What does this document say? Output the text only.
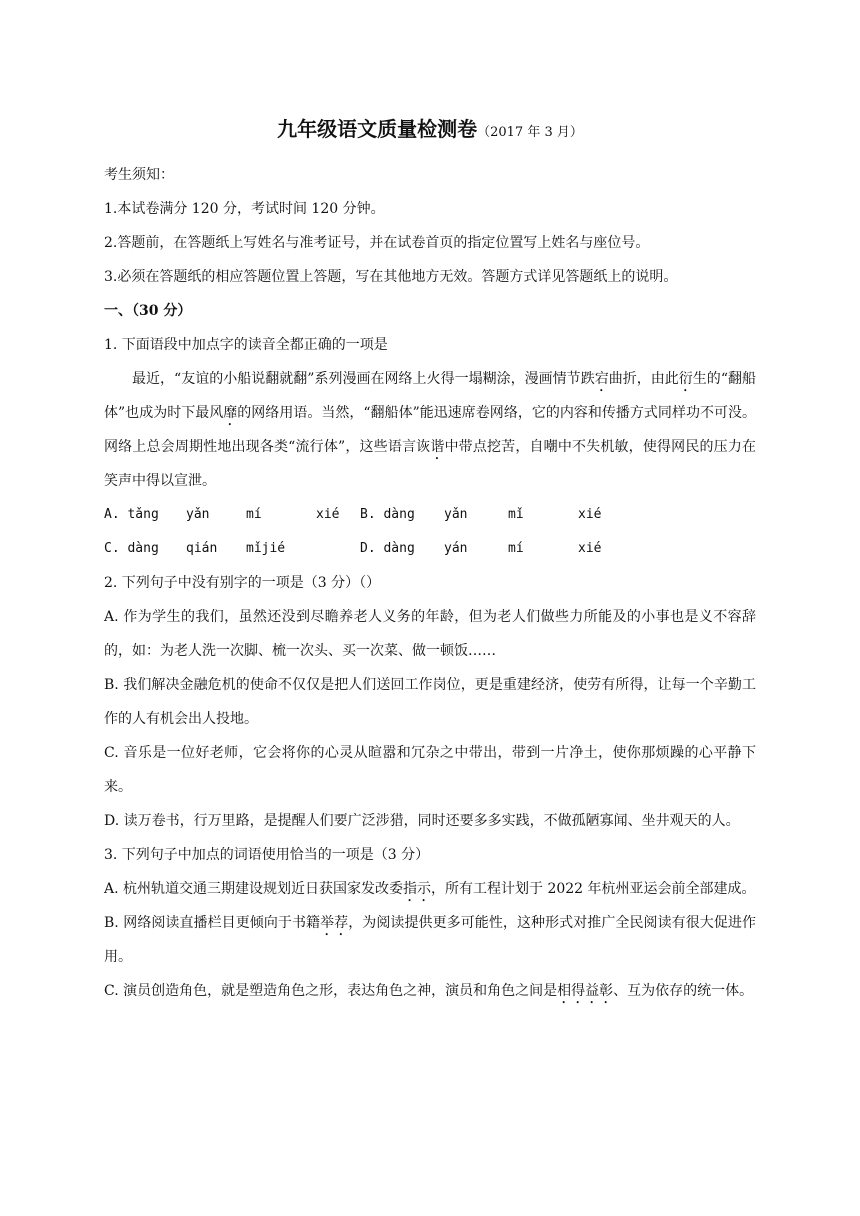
九年级语文质量检测卷（2017 年 3 月）
考生须知：
1.本试卷满分 120 分，考试时间 120 分钟。
2.答题前，在答题纸上写姓名与准考证号，并在试卷首页的指定位置写上姓名与座位号。
3.必须在答题纸的相应答题位置上答题，写在其他地方无效。答题方式详见答题纸上的说明。
一、（30 分）
1. 下面语段中加点字的读音全都正确的一项是
最近，“友谊的小船说翻就翻”系列漫画在网络上火得一塌糊涂，漫画情节跌宕曲折，由此衍生的“翻船体”也成为时下最风靡的网络用语。当然，“翻船体”能迅速席卷网络，它的内容和传播方式同样功不可没。网络上总会周期性地出现各类“流行体”，这些语言诙谐中带点挖苦，自嘲中不失机敏，使得网民的压力在笑声中得以宣泄。
A. tǎng	yǎn	mí	xié	B. dàng	yǎn	mǐ	xié
C. dàng	qián	mǐjié	D. dàng	yán	mí	xié
2. 下列句子中没有别字的一项是（3 分）（）
A. 作为学生的我们，虽然还没到尽瞻养老人义务的年龄，但为老人们做些力所能及的小事也是义不容辞的，如：为老人洗一次脚、梳一次头、买一次菜、做一顿饭……
B. 我们解决金融危机的使命不仅仅是把人们送回工作岗位，更是重建经济，使劳有所得，让每一个辛勤工作的人有机会出人投地。
C. 音乐是一位好老师，它会将你的心灵从暄嚣和冗杂之中带出，带到一片净土，使你那烦躁的心平静下来。
D. 读万卷书，行万里路，是提醒人们要广泛涉猎，同时还要多多实践，不做孤陋寡闻、坐井观天的人。
3. 下列句子中加点的词语使用恰当的一项是（3 分）
A. 杭州轨道交通三期建设规划近日获国家发改委指示，所有工程计划于 2022 年杭州亚运会前全部建成。
B. 网络阅读直播栏目更倾向于书籍举荐，为阅读提供更多可能性，这种形式对推广全民阅读有很大促进作用。
C. 演员创造角色，就是塑造角色之形，表达角色之神，演员和角色之间是相得益彰、互为依存的统一体。
